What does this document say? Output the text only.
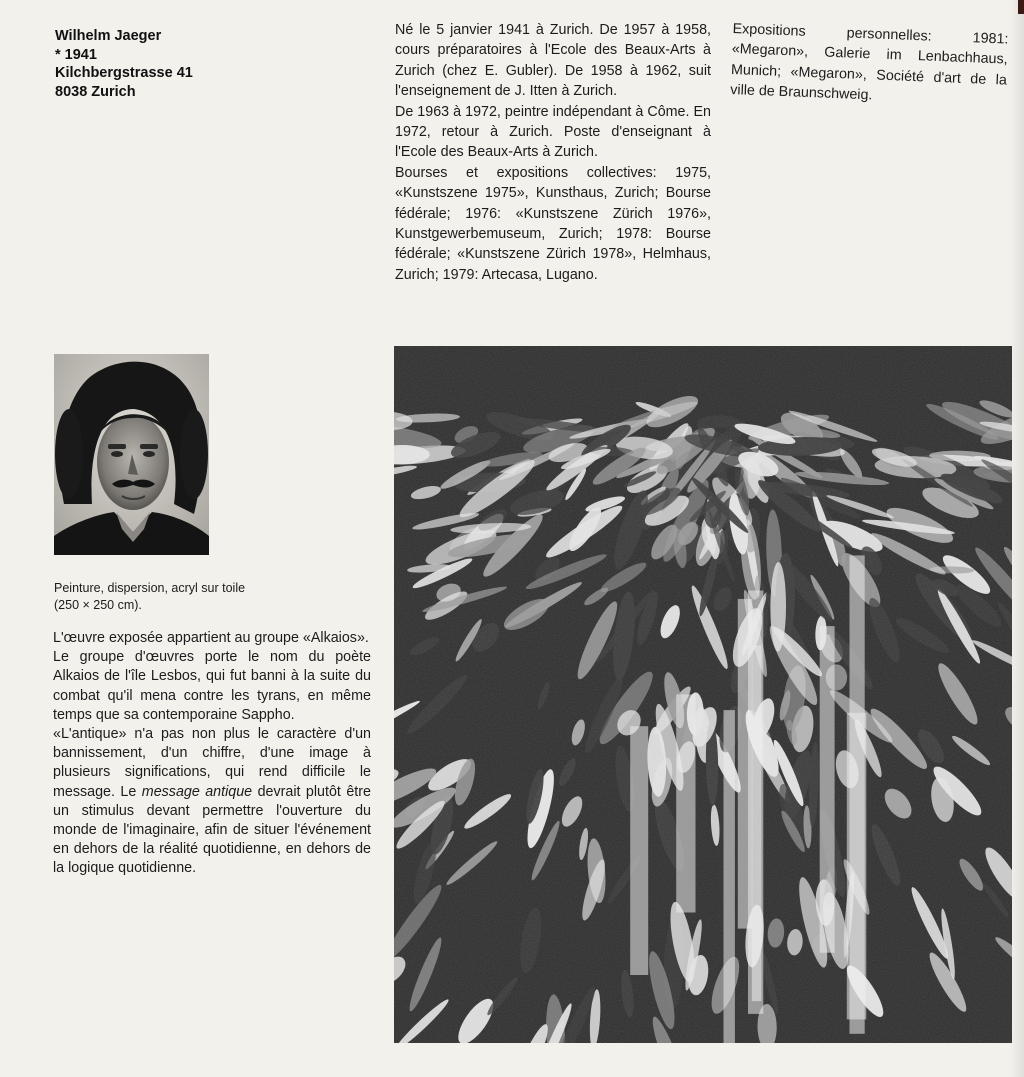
Wilhelm Jaeger
* 1941
Kilchbergstrasse 41
8038 Zurich

Né le 5 janvier 1941 à Zurich. De 1957 à 1958, cours préparatoires à l'Ecole des Beaux-Arts à Zurich (chez E. Gubler). De 1958 à 1962, suit l'enseignement de J. Itten à Zurich.

De 1963 à 1972, peintre indépendant à Côme. En 1972, retour à Zurich. Poste d'enseignant à l'Ecole des Beaux-Arts à Zurich.

Bourses et expositions collectives: 1975, «Kunstszene 1975», Kunsthaus, Zurich; Bourse fédérale; 1976: «Kunstszene Zürich 1976», Kunstgewerbemuseum, Zurich; 1978: Bourse fédérale; «Kunstszene Zürich 1978», Helmhaus, Zurich; 1979: Artecasa, Lugano.

Expositions personnelles: 1981: «Megaron», Galerie im Lenbachhaus, Munich; «Megaron», Société d'art de la ville de Braunschweig.

Peinture, dispersion, acryl sur toile
(250 × 250 cm).

L'œuvre exposée appartient au groupe «Alkaios».

Le groupe d'œuvres porte le nom du poète Alkaios de l'île Lesbos, qui fut banni à la suite du combat qu'il mena contre les tyrans, en même temps que sa contemporaine Sappho.

«L'antique» n'a pas non plus le caractère d'un bannissement, d'un chiffre, d'une image à plusieurs significations, qui rend difficile le message. Le message antique devrait plutôt être un stimulus devant permettre l'ouverture du monde de l'imaginaire, afin de situer l'événement en dehors de la réalité quotidienne, en dehors de la logique quotidienne.
